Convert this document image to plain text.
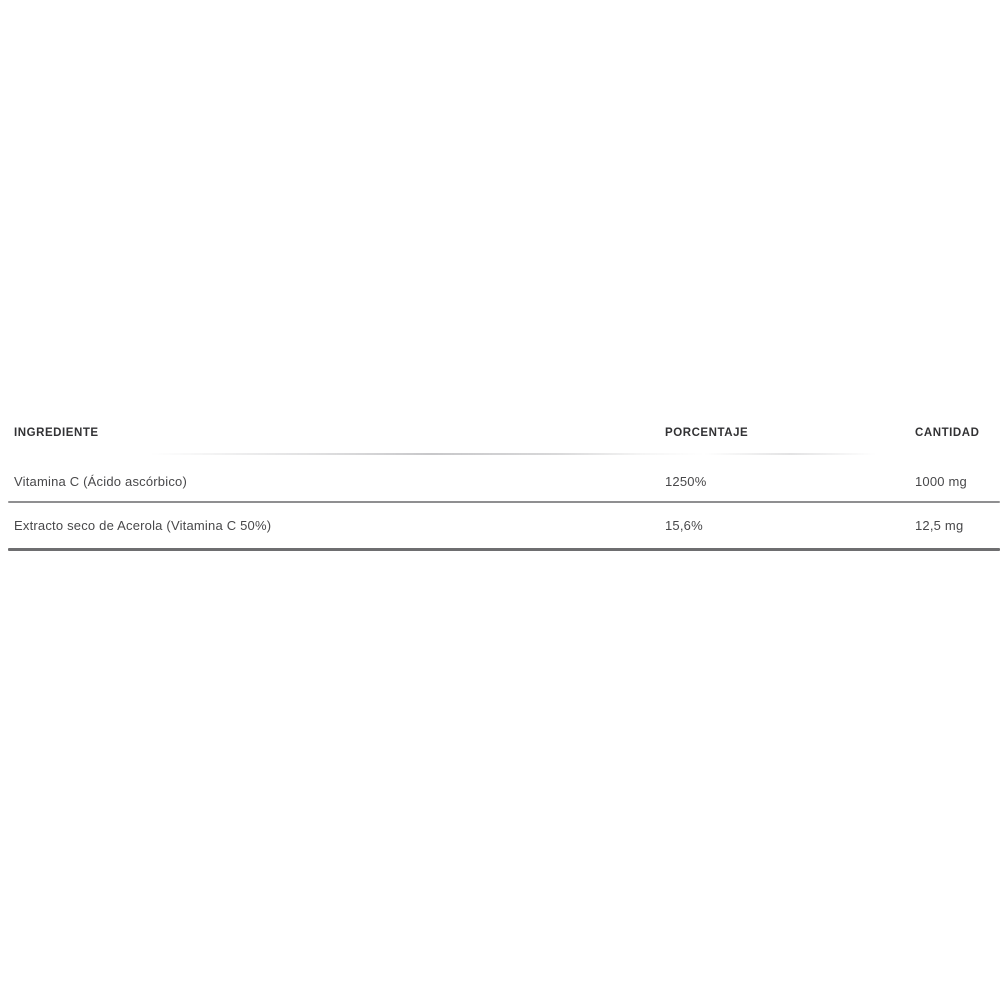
INGREDIENTE	PORCENTAJE	CANTIDAD
Vitamina C (Ácido ascórbico)	1250%	1000 mg
Extracto seco de Acerola (Vitamina C 50%)	15,6%	12,5 mg
